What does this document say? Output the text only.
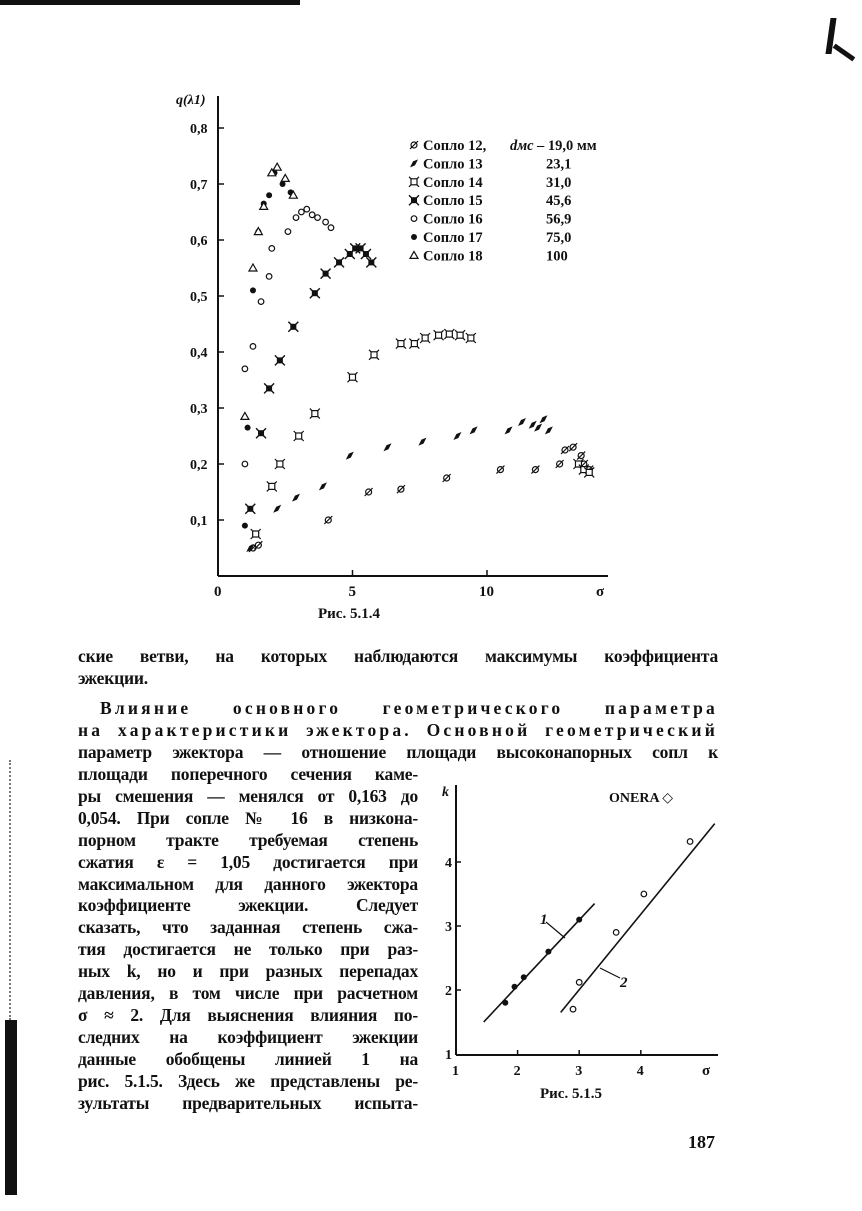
q(λ1)
σ
0,1
0,2
0,3
0,4
0,5
0,6
0,7
0,8
0	5	10
Сопло 12, dмс – 19,0 мм
Сопло 13	23,1
Сопло 14	31,0
Сопло 15	45,6
Сопло 16	56,9
Сопло 17	75,0
Сопло 18	100
Рис. 5.1.4
ские ветви, на которых наблюдаются максимумы коэффициента
эжекции.
Влияние основного геометрического параметра
на характеристики эжектора. Основной геометрический
параметр эжектора — отношение площади высоконапорных сопл к
площади поперечного сечения каме-
ры смешения — менялся от 0,163 до
0,054. При сопле № 16 в низкона-
порном тракте требуемая степень
сжатия ε = 1,05 достигается при
максимальном для данного эжектора
коэффициенте эжекции. Следует
сказать, что заданная степень сжа-
тия достигается не только при раз-
ных k, но и при разных перепадах
давления, в том числе при расчетном
σ ≈ 2. Для выяснения влияния по-
следних на коэффициент эжекции
данные обобщены линией 1 на
рис. 5.1.5. Здесь же представлены ре-
зультаты предварительных испыта-
k
σ
1
2
3
4
1	2	3	4
ONERA ◇
1
2
Рис. 5.1.5
187
